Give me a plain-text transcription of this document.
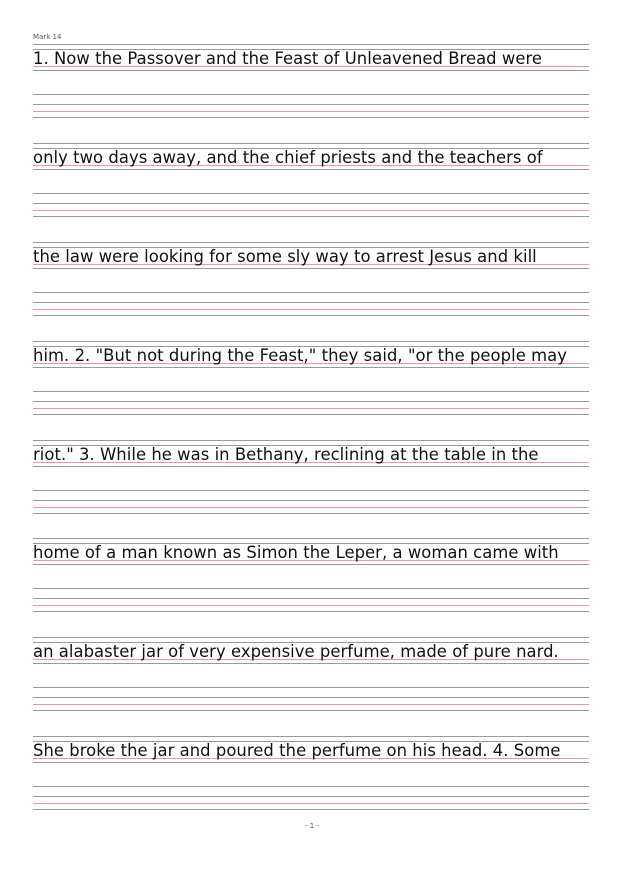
Mark 14
1. Now the Passover and the Feast of Unleavened Bread were
only two days away, and the chief priests and the teachers of
the law were looking for some sly way to arrest Jesus and kill
him. 2. "But not during the Feast," they said, "or the people may
riot." 3. While he was in Bethany, reclining at the table in the
home of a man known as Simon the Leper, a woman came with
an alabaster jar of very expensive perfume, made of pure nard.
She broke the jar and poured the perfume on his head. 4. Some
- 1 -
